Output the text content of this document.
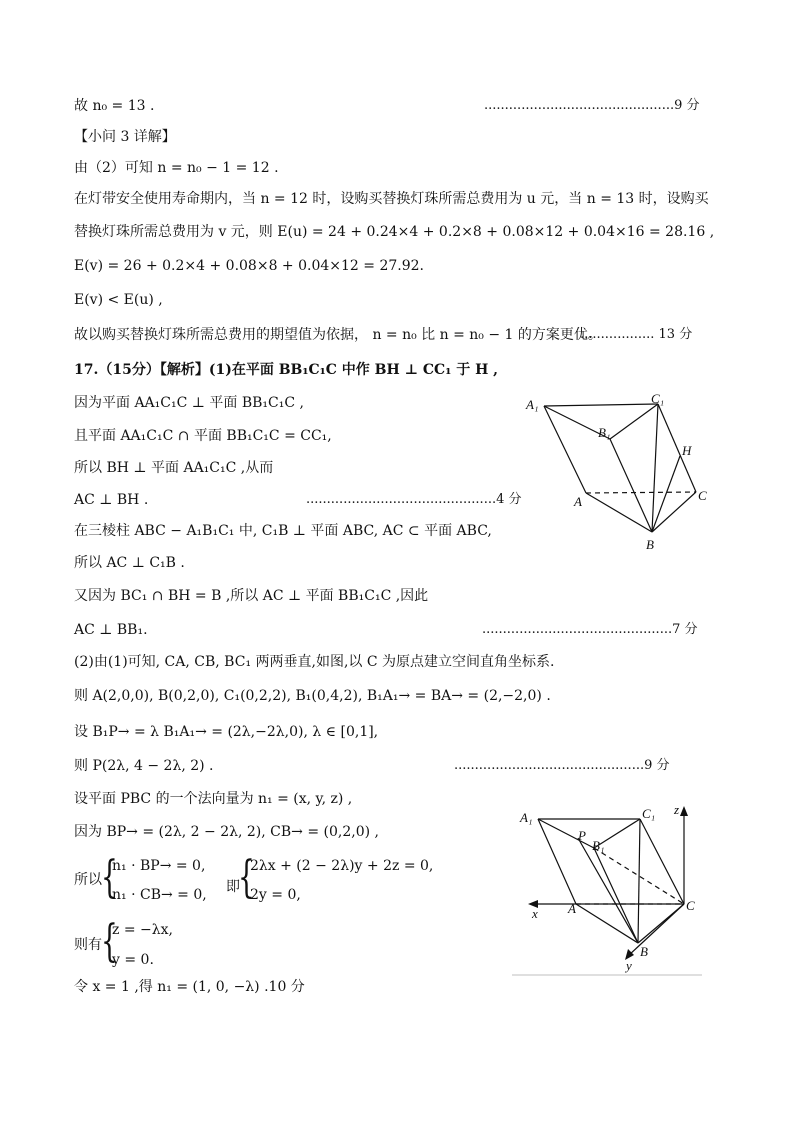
故 n₀ = 13 .	..............................................9 分
【小问 3 详解】
由（2）可知 n = n₀ − 1 = 12 .
在灯带安全使用寿命期内，当 n = 12 时，设购买替换灯珠所需总费用为 u 元，当 n = 13 时，设购买
替换灯珠所需总费用为 v 元，则 E(u) = 24 + 0.24×4 + 0.2×8 + 0.08×12 + 0.04×16 = 28.16 ,
E(v) = 26 + 0.2×4 + 0.08×8 + 0.04×12 = 27.92.
E(v) < E(u) ,
故以购买替换灯珠所需总费用的期望值为依据， n = n₀ 比 n = n₀ − 1 的方案更优。
.................. 13 分
17.（15分）【解析】(1)在平面 BB₁C₁C 中作 BH ⊥ CC₁ 于 H ,
因为平面 AA₁C₁C ⊥ 平面 BB₁C₁C ,
且平面 AA₁C₁C ∩ 平面 BB₁C₁C = CC₁,
所以 BH ⊥ 平面 AA₁C₁C ,从而
AC ⊥ BH .	..............................................4 分
在三棱柱 ABC − A₁B₁C₁ 中, C₁B ⊥ 平面 ABC, AC ⊂ 平面 ABC,
所以 AC ⊥ C₁B .
又因为 BC₁ ∩ BH = B ,所以 AC ⊥ 平面 BB₁C₁C ,因此
AC ⊥ BB₁.	..............................................7 分
(2)由(1)可知, CA, CB, BC₁ 两两垂直,如图,以 C 为原点建立空间直角坐标系.
则 A(2,0,0), B(0,2,0), C₁(0,2,2), B₁(0,4,2), B₁A₁→ = BA→ = (2,−2,0) .
设 B₁P→ = λ B₁A₁→ = (2λ,−2λ,0), λ ∈ [0,1],
则 P(2λ, 4 − 2λ, 2) .	..............................................9 分
设平面 PBC 的一个法向量为 n₁ = (x, y, z) ,
因为 BP→ = (2λ, 2 − 2λ, 2), CB→ = (0,2,0) ,
所以 {
n₁ · BP→ = 0,
n₁ · CB→ = 0, 即
{
2λx + (2 − 2λ)y + 2z = 0,
2y = 0,
则有 {
z = −λx,
y = 0.
令 x = 1 ,得 n₁ = (1, 0, −λ) .10 分
A₁	C₁
B₁
H
A	C
B
A₁	C₁ z
P
B₁
x A	C
B
y
